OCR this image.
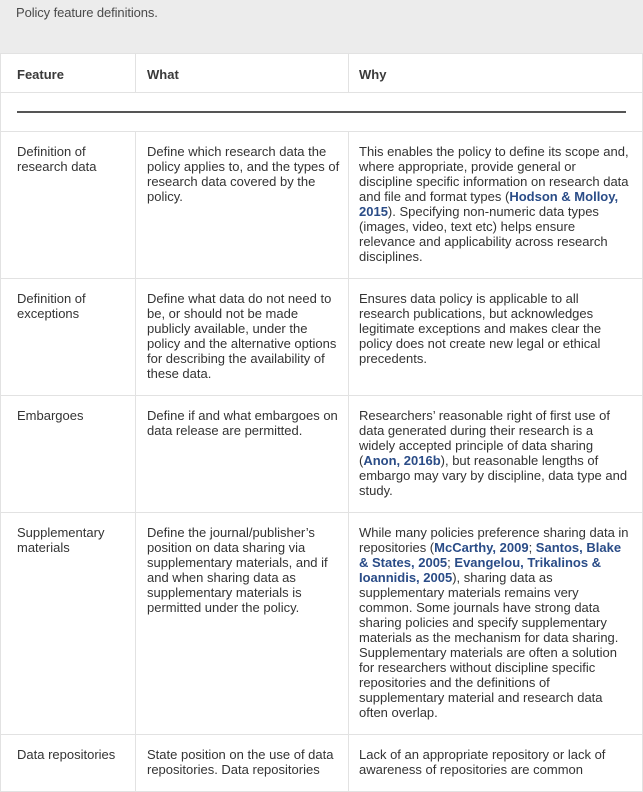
Policy feature definitions.
Feature	What	Why

Definition of research data	Define which research data the policy applies to, and the types of research data covered by the policy.	This enables the policy to define its scope and, where appropriate, provide general or discipline specific information on research data and file and format types (Hodson & Molloy, 2015). Specifying non-numeric data types (images, video, text etc) helps ensure relevance and applicability across research disciplines.

Definition of exceptions	Define what data do not need to be, or should not be made publicly available, under the policy and the alternative options for describing the availability of these data.	Ensures data policy is applicable to all research publications, but acknowledges legitimate exceptions and makes clear the policy does not create new legal or ethical precedents.

Embargoes	Define if and what embargoes on data release are permitted.	Researchers’ reasonable right of first use of data generated during their research is a widely accepted principle of data sharing (Anon, 2016b), but reasonable lengths of embargo may vary by discipline, data type and study.

Supplementary materials	Define the journal/publisher’s position on data sharing via supplementary materials, and if and when sharing data as supplementary materials is permitted under the policy.	While many policies preference sharing data in repositories (McCarthy, 2009; Santos, Blake & States, 2005; Evangelou, Trikalinos & Ioannidis, 2005), sharing data as supplementary materials remains very common. Some journals have strong data sharing policies and specify supplementary materials as the mechanism for data sharing. Supplementary materials are often a solution for researchers without discipline specific repositories and the definitions of supplementary material and research data often overlap.

Data repositories	State position on the use of data repositories. Data repositories	Lack of an appropriate repository or lack of awareness of repositories are common
